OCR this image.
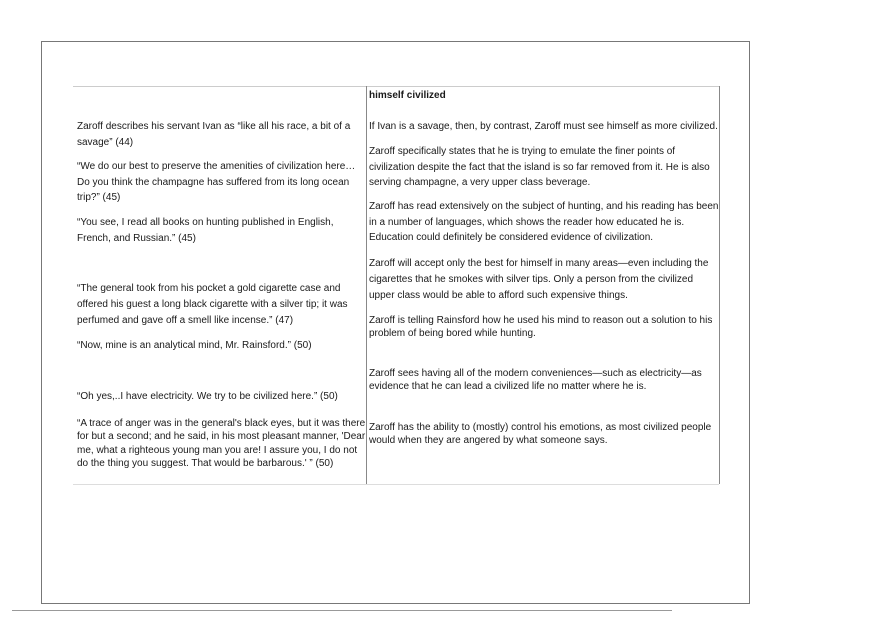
himself civilized
Zaroff describes his servant Ivan as “like all his race, a bit of a savage” (44)
“We do our best to preserve the amenities of civilization here…Do you think the champagne has suffered from its long ocean trip?” (45)
“You see, I read all books on hunting published in English, French, and Russian.” (45)
“The general took from his pocket a gold cigarette case and offered his guest a long black cigarette with a silver tip; it was perfumed and gave off a smell like incense.” (47)
“Now, mine is an analytical mind, Mr. Rainsford.” (50)
“Oh yes,..I have electricity. We try to be civilized here.” (50)
“A trace of anger was in the general's black eyes, but it was there for but a second; and he said, in his most pleasant manner, 'Dear me, what a righteous young man you are! I assure you, I do not do the thing you suggest. That would be barbarous.' ” (50)
If Ivan is a savage, then, by contrast, Zaroff must see himself as more civilized.
Zaroff specifically states that he is trying to emulate the finer points of civilization despite the fact that the island is so far removed from it. He is also serving champagne, a very upper class beverage.
Zaroff has read extensively on the subject of hunting, and his reading has been in a number of languages, which shows the reader how educated he is. Education could definitely be considered evidence of civilization.
Zaroff will accept only the best for himself in many areas—even including the cigarettes that he smokes with silver tips. Only a person from the civilized upper class would be able to afford such expensive things.
Zaroff is telling Rainsford how he used his mind to reason out a solution to his problem of being bored while hunting.
Zaroff sees having all of the modern conveniences—such as electricity—as evidence that he can lead a civilized life no matter where he is.
Zaroff has the ability to (mostly) control his emotions, as most civilized people would when they are angered by what someone says.
